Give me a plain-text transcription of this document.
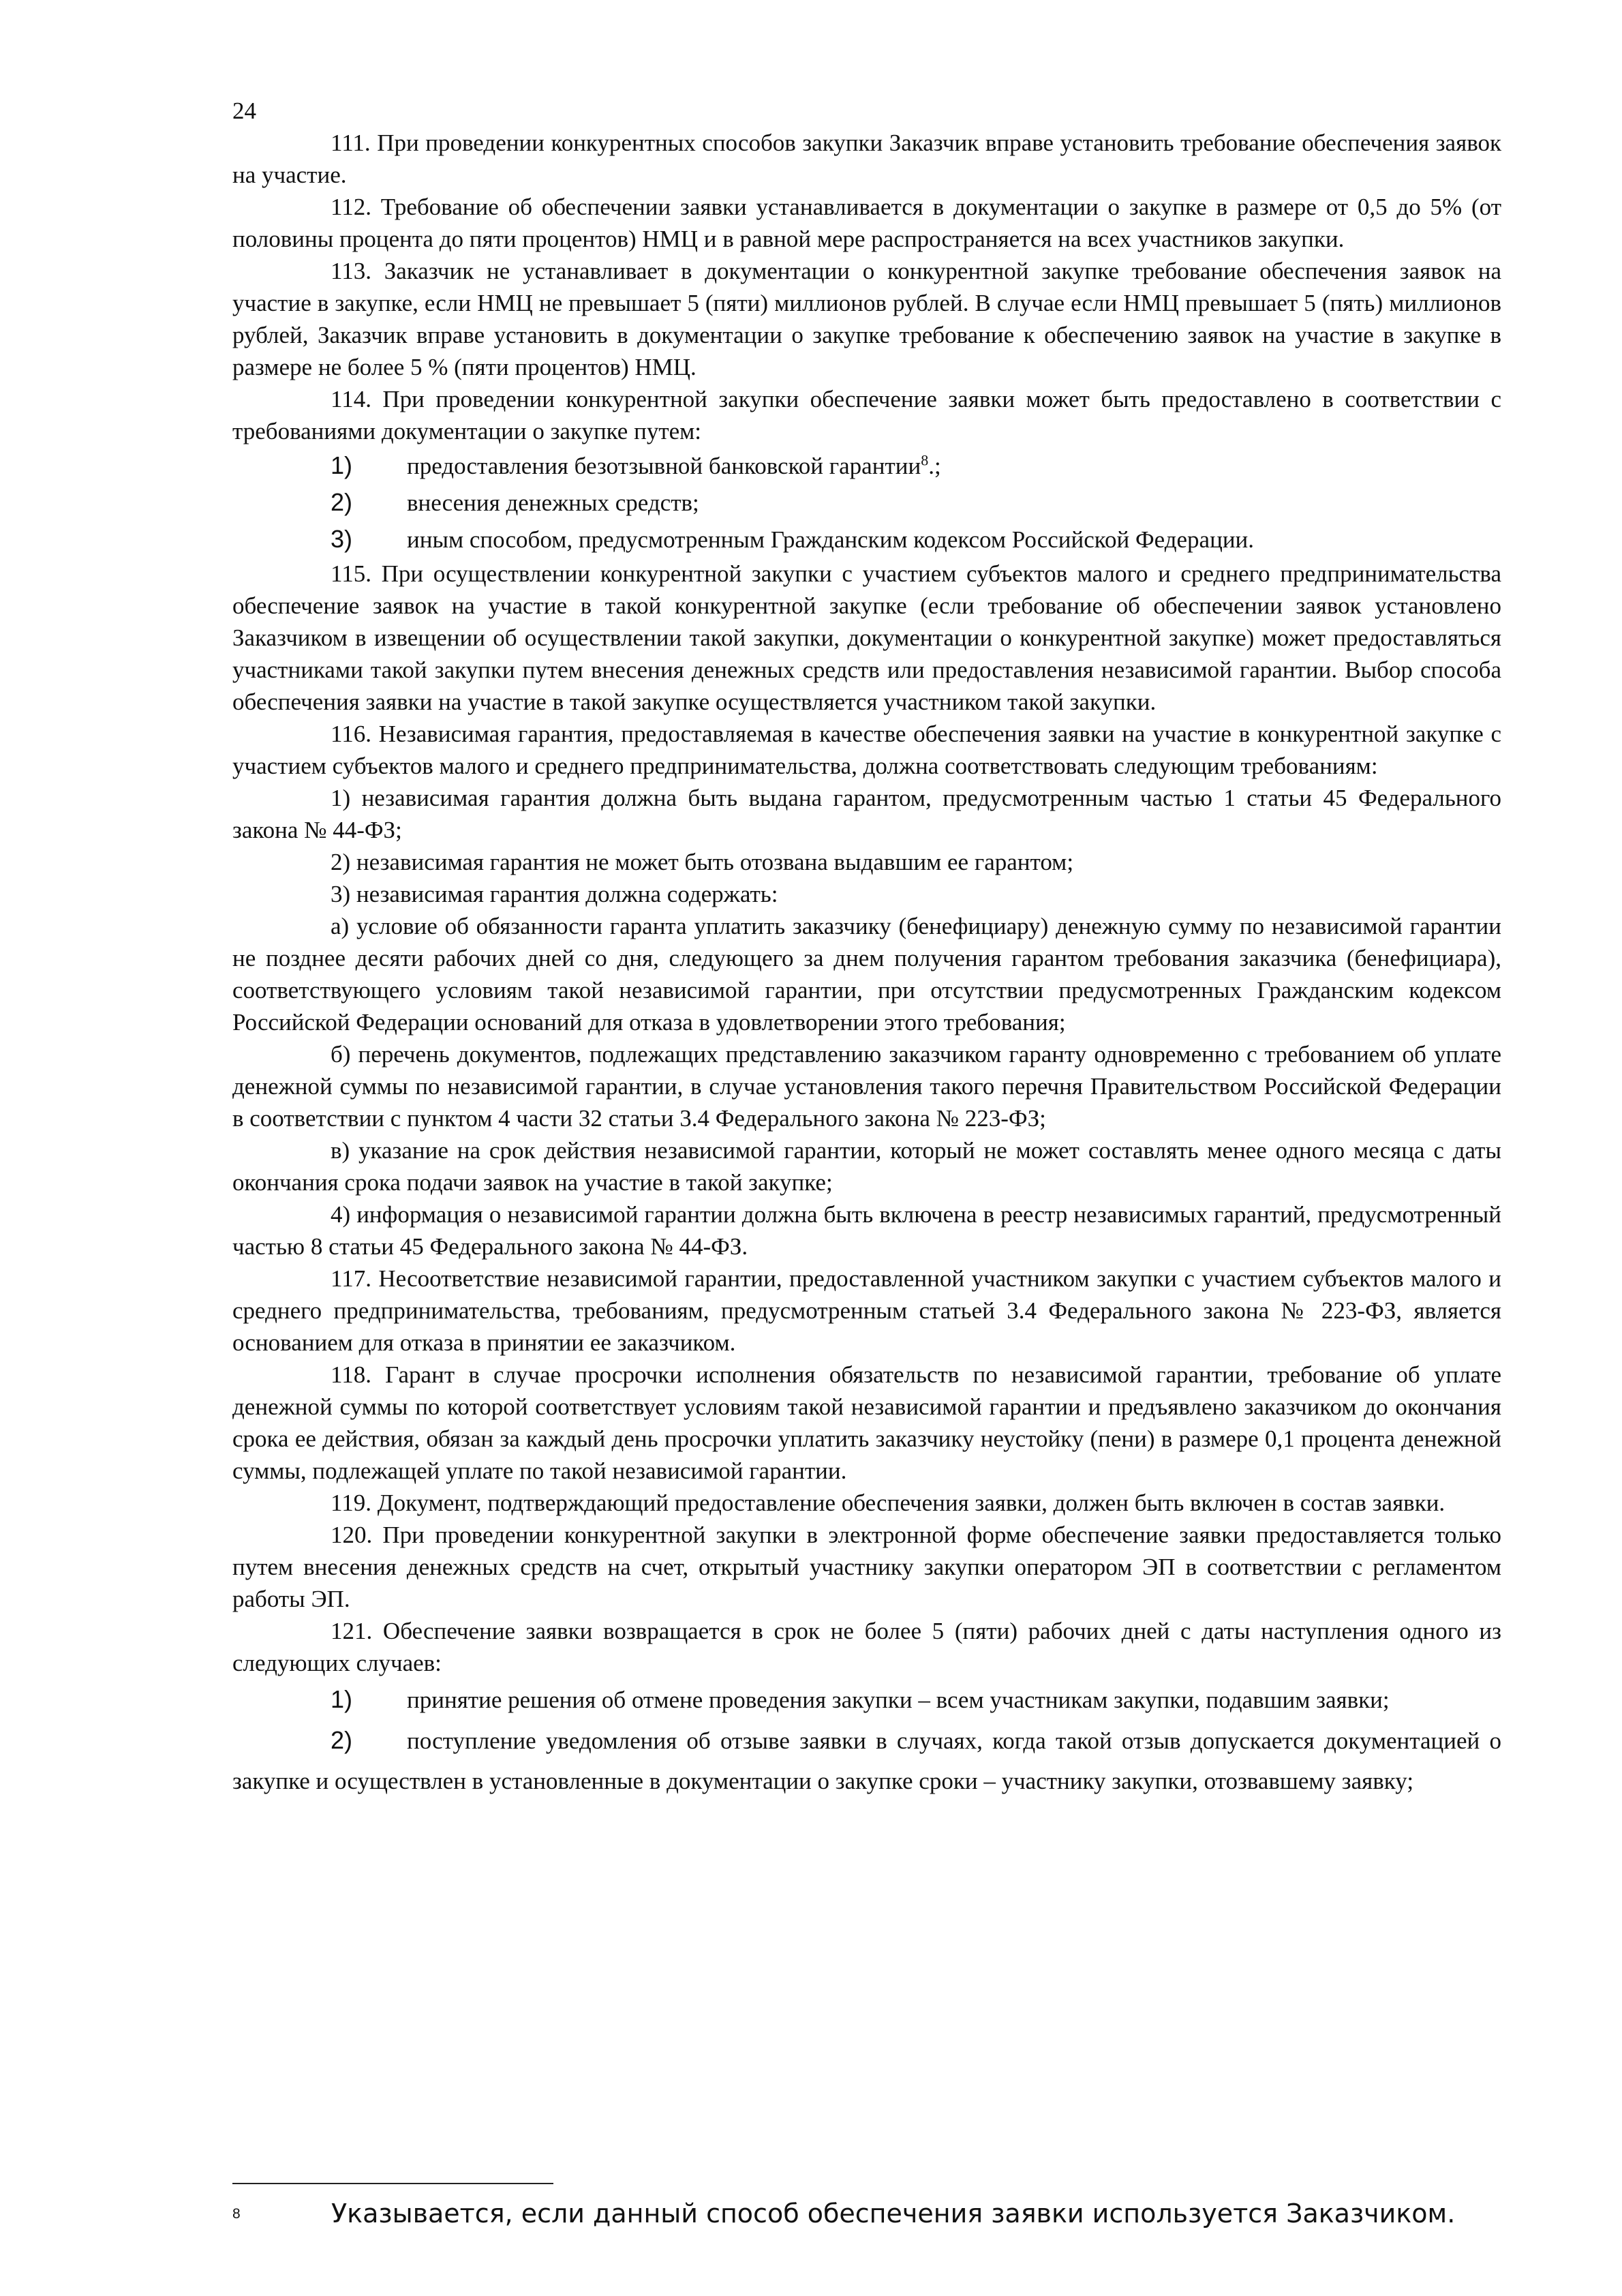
24

111. При проведении конкурентных способов закупки Заказчик вправе установить требование обеспечения заявок на участие.

112. Требование об обеспечении заявки устанавливается в документации о закупке в размере от 0,5 до 5% (от половины процента до пяти процентов) НМЦ и в равной мере распространяется на всех участников закупки.

113. Заказчик не устанавливает в документации о конкурентной закупке требование обеспечения заявок на участие в закупке, если НМЦ не превышает 5 (пяти) миллионов рублей. В случае если НМЦ превышает 5 (пять) миллионов рублей, Заказчик вправе установить в документации о закупке требование к обеспечению заявок на участие в закупке в размере не более 5 % (пяти процентов) НМЦ.

114. При проведении конкурентной закупки обеспечение заявки может быть предоставлено в соответствии с требованиями документации о закупке путем:

1) предоставления безотзывной банковской гарантии$^8$.;

2) внесения денежных средств;

3) иным способом, предусмотренным Гражданским кодексом Российской Федерации.

115. При осуществлении конкурентной закупки с участием субъектов малого и среднего предпринимательства обеспечение заявок на участие в такой конкурентной закупке (если требование об обеспечении заявок установлено Заказчиком в извещении об осуществлении такой закупки, документации о конкурентной закупке) может предоставляться участниками такой закупки путем внесения денежных средств или предоставления независимой гарантии. Выбор способа обеспечения заявки на участие в такой закупке осуществляется участником такой закупки.

116. Независимая гарантия, предоставляемая в качестве обеспечения заявки на участие в конкурентной закупке с участием субъектов малого и среднего предпринимательства, должна соответствовать следующим требованиям:

1) независимая гарантия должна быть выдана гарантом, предусмотренным частью 1 статьи 45 Федерального закона № 44-ФЗ;

2) независимая гарантия не может быть отозвана выдавшим ее гарантом;

3) независимая гарантия должна содержать:

а) условие об обязанности гаранта уплатить заказчику (бенефициару) денежную сумму по независимой гарантии не позднее десяти рабочих дней со дня, следующего за днем получения гарантом требования заказчика (бенефициара), соответствующего условиям такой независимой гарантии, при отсутствии предусмотренных Гражданским кодексом Российской Федерации оснований для отказа в удовлетворении этого требования;

б) перечень документов, подлежащих представлению заказчиком гаранту одновременно с требованием об уплате денежной суммы по независимой гарантии, в случае установления такого перечня Правительством Российской Федерации в соответствии с пунктом 4 части 32 статьи 3.4 Федерального закона № 223-ФЗ;

в) указание на срок действия независимой гарантии, который не может составлять менее одного месяца с даты окончания срока подачи заявок на участие в такой закупке;

4) информация о независимой гарантии должна быть включена в реестр независимых гарантий, предусмотренный частью 8 статьи 45 Федерального закона № 44-ФЗ.

117. Несоответствие независимой гарантии, предоставленной участником закупки с участием субъектов малого и среднего предпринимательства, требованиям, предусмотренным статьей 3.4 Федерального закона № 223-ФЗ, является основанием для отказа в принятии ее заказчиком.

118. Гарант в случае просрочки исполнения обязательств по независимой гарантии, требование об уплате денежной суммы по которой соответствует условиям такой независимой гарантии и предъявлено заказчиком до окончания срока ее действия, обязан за каждый день просрочки уплатить заказчику неустойку (пени) в размере 0,1 процента денежной суммы, подлежащей уплате по такой независимой гарантии.

119. Документ, подтверждающий предоставление обеспечения заявки, должен быть включен в состав заявки.

120. При проведении конкурентной закупки в электронной форме обеспечение заявки предоставляется только путем внесения денежных средств на счет, открытый участнику закупки оператором ЭП в соответствии с регламентом работы ЭП.

121. Обеспечение заявки возвращается в срок не более 5 (пяти) рабочих дней с даты наступления одного из следующих случаев:

1) принятие решения об отмене проведения закупки – всем участникам закупки, подавшим заявки;

2) поступление уведомления об отзыве заявки в случаях, когда такой отзыв допускается документацией о закупке и осуществлен в установленные в документации о закупке сроки – участнику закупки, отозвавшему заявку;

8	Указывается, если данный способ обеспечения заявки используется Заказчиком.
